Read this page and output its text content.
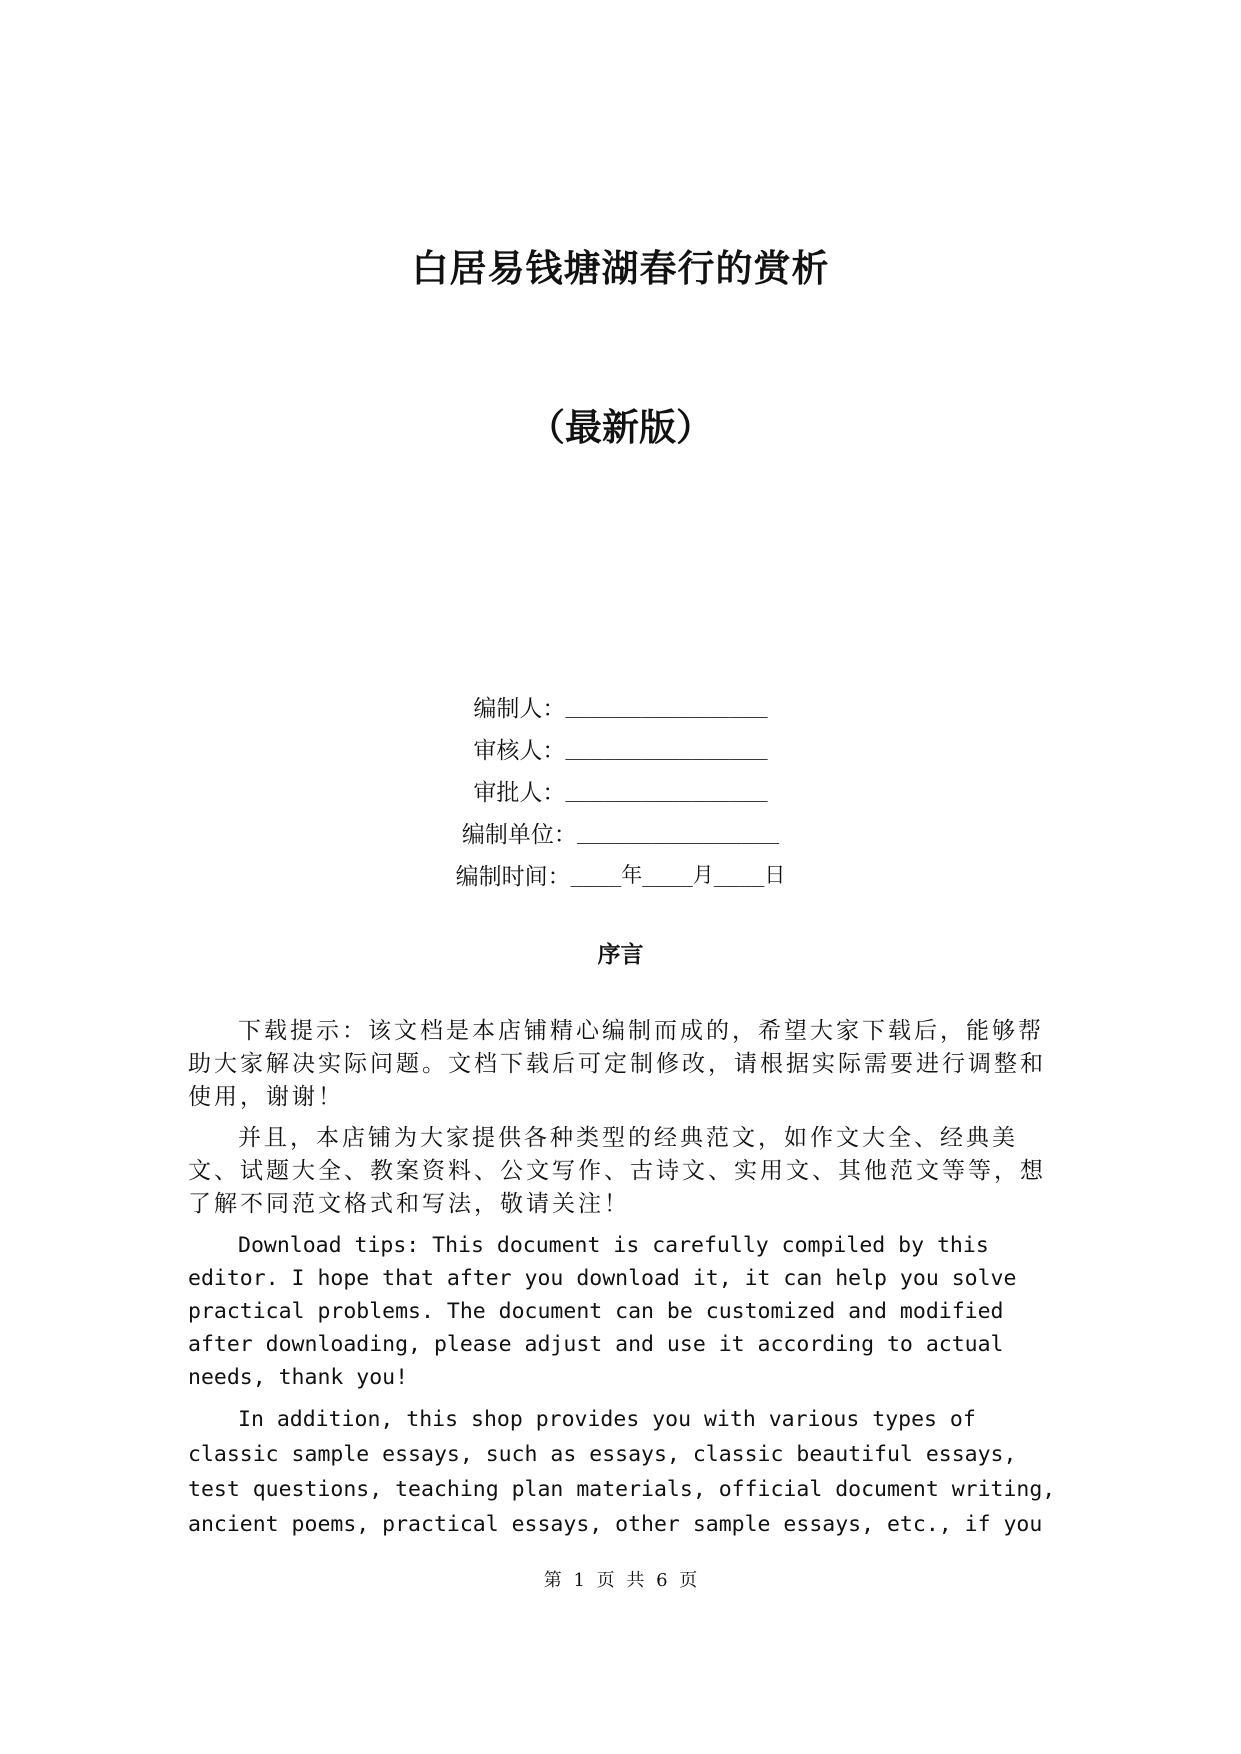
白居易钱塘湖春行的赏析
（最新版）
编制人： ________________
审核人： ________________
审批人： ________________
编制单位： ________________
编制时间： ____年____月____日
序言

下载提示：该文档是本店铺精心编制而成的，希望大家下载后，能够帮助大家解决实际问题。文档下载后可定制修改，请根据实际需要进行调整和使用，谢谢！

并且，本店铺为大家提供各种类型的经典范文，如作文大全、经典美文、试题大全、教案资料、公文写作、古诗文、实用文、其他范文等等，想了解不同范文格式和写法，敬请关注！

Download tips: This document is carefully compiled by this editor. I hope that after you download it, it can help you solve practical problems. The document can be customized and modified after downloading, please adjust and use it according to actual needs, thank you!

In addition, this shop provides you with various types of classic sample essays, such as essays, classic beautiful essays, test questions, teaching plan materials, official document writing, ancient poems, practical essays, other sample essays, etc., if you

第 1 页 共 6 页
